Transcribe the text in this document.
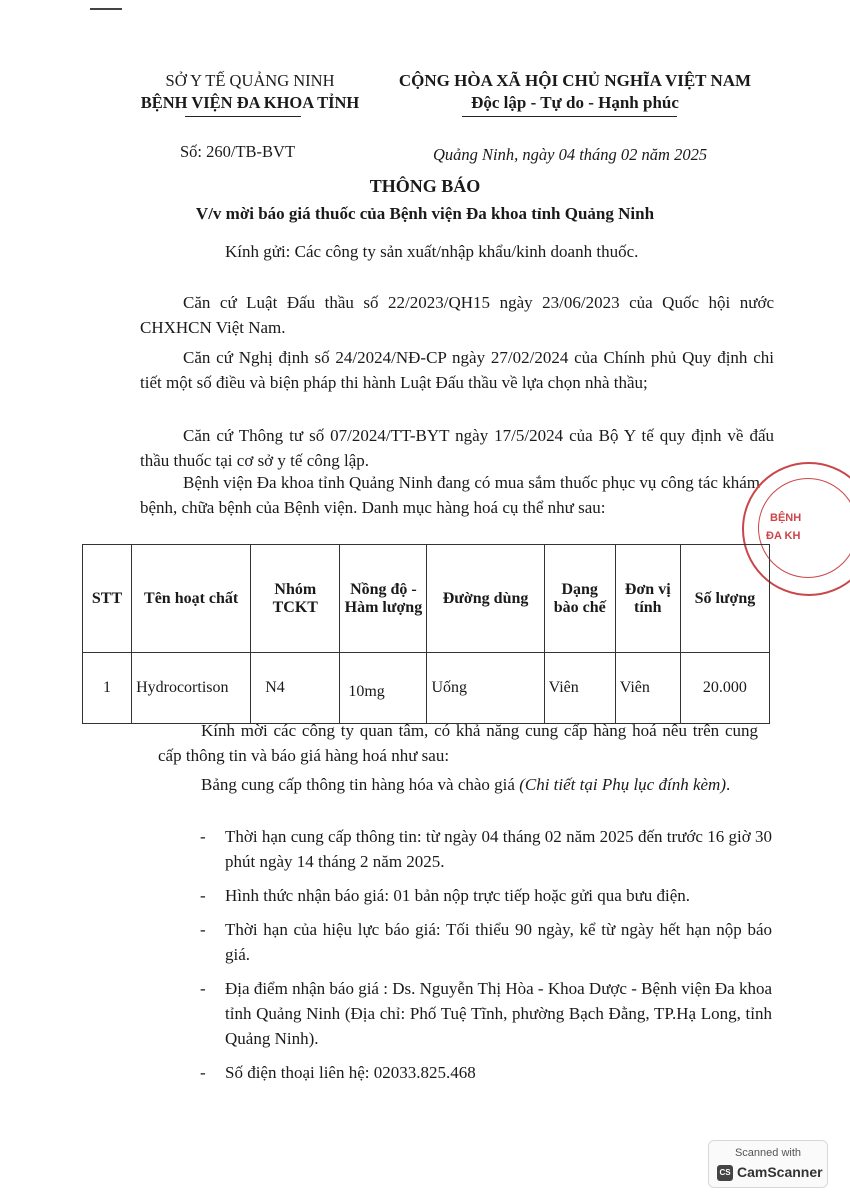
SỞ Y TẾ QUẢNG NINH
BỆNH VIỆN ĐA KHOA TỈNH
CỘNG HÒA XÃ HỘI CHỦ NGHĨA VIỆT NAM
Độc lập - Tự do - Hạnh phúc
Số: 260/TB-BVT	Quảng Ninh, ngày 04 tháng 02 năm 2025
THÔNG BÁO
V/v mời báo giá thuốc của Bệnh viện Đa khoa tỉnh Quảng Ninh
Kính gửi: Các công ty sản xuất/nhập khẩu/kinh doanh thuốc.
Căn cứ Luật Đấu thầu số 22/2023/QH15 ngày 23/06/2023 của Quốc hội nước CHXHCN Việt Nam.
Căn cứ Nghị định số 24/2024/NĐ-CP ngày 27/02/2024 của Chính phủ Quy định chi tiết một số điều và biện pháp thi hành Luật Đấu thầu về lựa chọn nhà thầu;
Căn cứ Thông tư số 07/2024/TT-BYT ngày 17/5/2024 của Bộ Y tế quy định về đấu thầu thuốc tại cơ sở y tế công lập.
Bệnh viện Đa khoa tỉnh Quảng Ninh đang có mua sắm thuốc phục vụ công tác khám bệnh, chữa bệnh của Bệnh viện. Danh mục hàng hoá cụ thể như sau:
BỆNH
ĐA KH
STT	Tên hoạt chất	Nhóm TCKT	Nồng độ - Hàm lượng	Đường dùng	Dạng bào chế	Đơn vị tính	Số lượng
1	Hydrocortison	N4	10mg	Uống	Viên	Viên	20.000
Kính mời các công ty quan tâm, có khả năng cung cấp hàng hoá nêu trên cung cấp thông tin và báo giá hàng hoá như sau:
Bảng cung cấp thông tin hàng hóa và chào giá (Chi tiết tại Phụ lục đính kèm).
- Thời hạn cung cấp thông tin: từ ngày 04 tháng 02 năm 2025 đến trước 16 giờ 30 phút ngày 14 tháng 2 năm 2025.
- Hình thức nhận báo giá: 01 bản nộp trực tiếp hoặc gửi qua bưu điện.
- Thời hạn của hiệu lực báo giá: Tối thiểu 90 ngày, kể từ ngày hết hạn nộp báo giá.
- Địa điểm nhận báo giá : Ds. Nguyễn Thị Hòa - Khoa Dược - Bệnh viện Đa khoa tỉnh Quảng Ninh (Địa chỉ: Phố Tuệ Tĩnh, phường Bạch Đằng, TP.Hạ Long, tỉnh Quảng Ninh).
- Số điện thoại liên hệ: 02033.825.468
Scanned with
CS CamScanner
